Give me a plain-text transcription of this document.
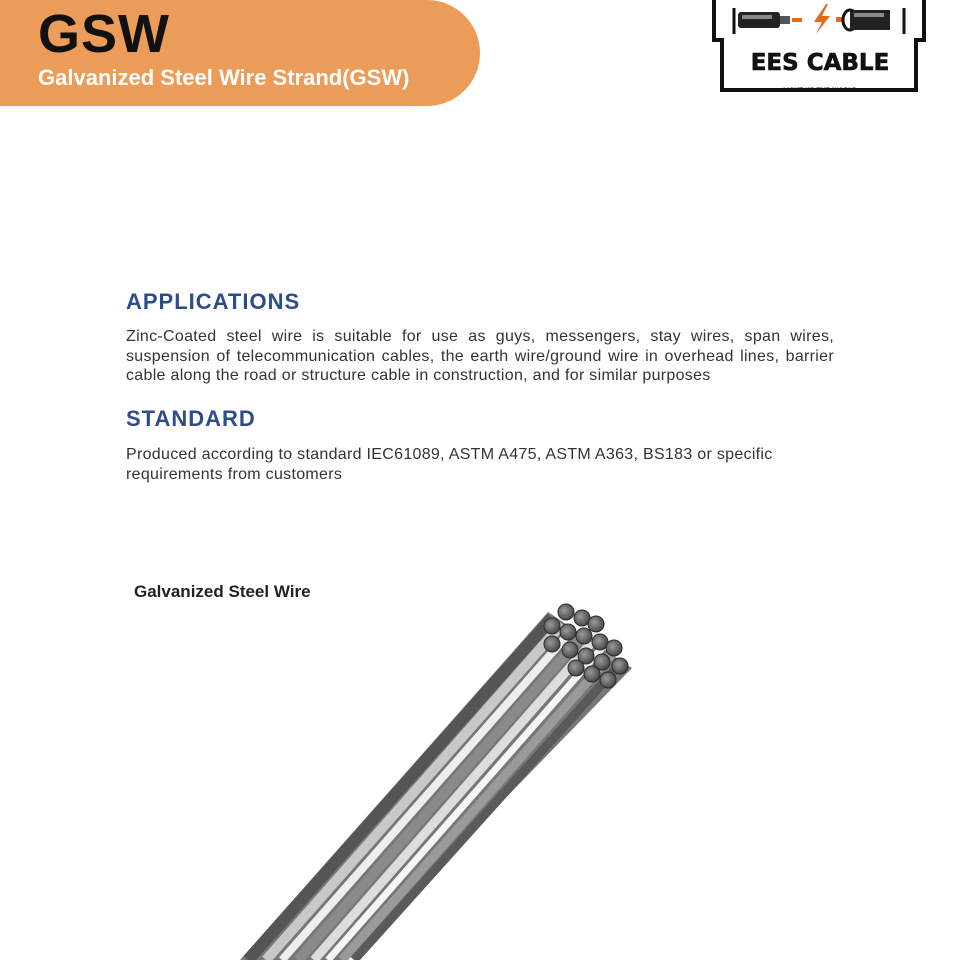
GSW
Galvanized Steel Wire Strand(GSW)
EES CABLE
< LIGHT UP THE WORLD >
APPLICATIONS

Zinc-Coated steel wire is suitable for use as guys, messengers, stay wires, span wires, suspension of telecommunication cables, the earth wire/ground wire in overhead lines, barrier cable along the road or structure cable in construction, and for similar purposes

STANDARD

Produced according to standard IEC61089, ASTM A475, ASTM A363, BS183 or specific requirements from customers

Galvanized Steel Wire
